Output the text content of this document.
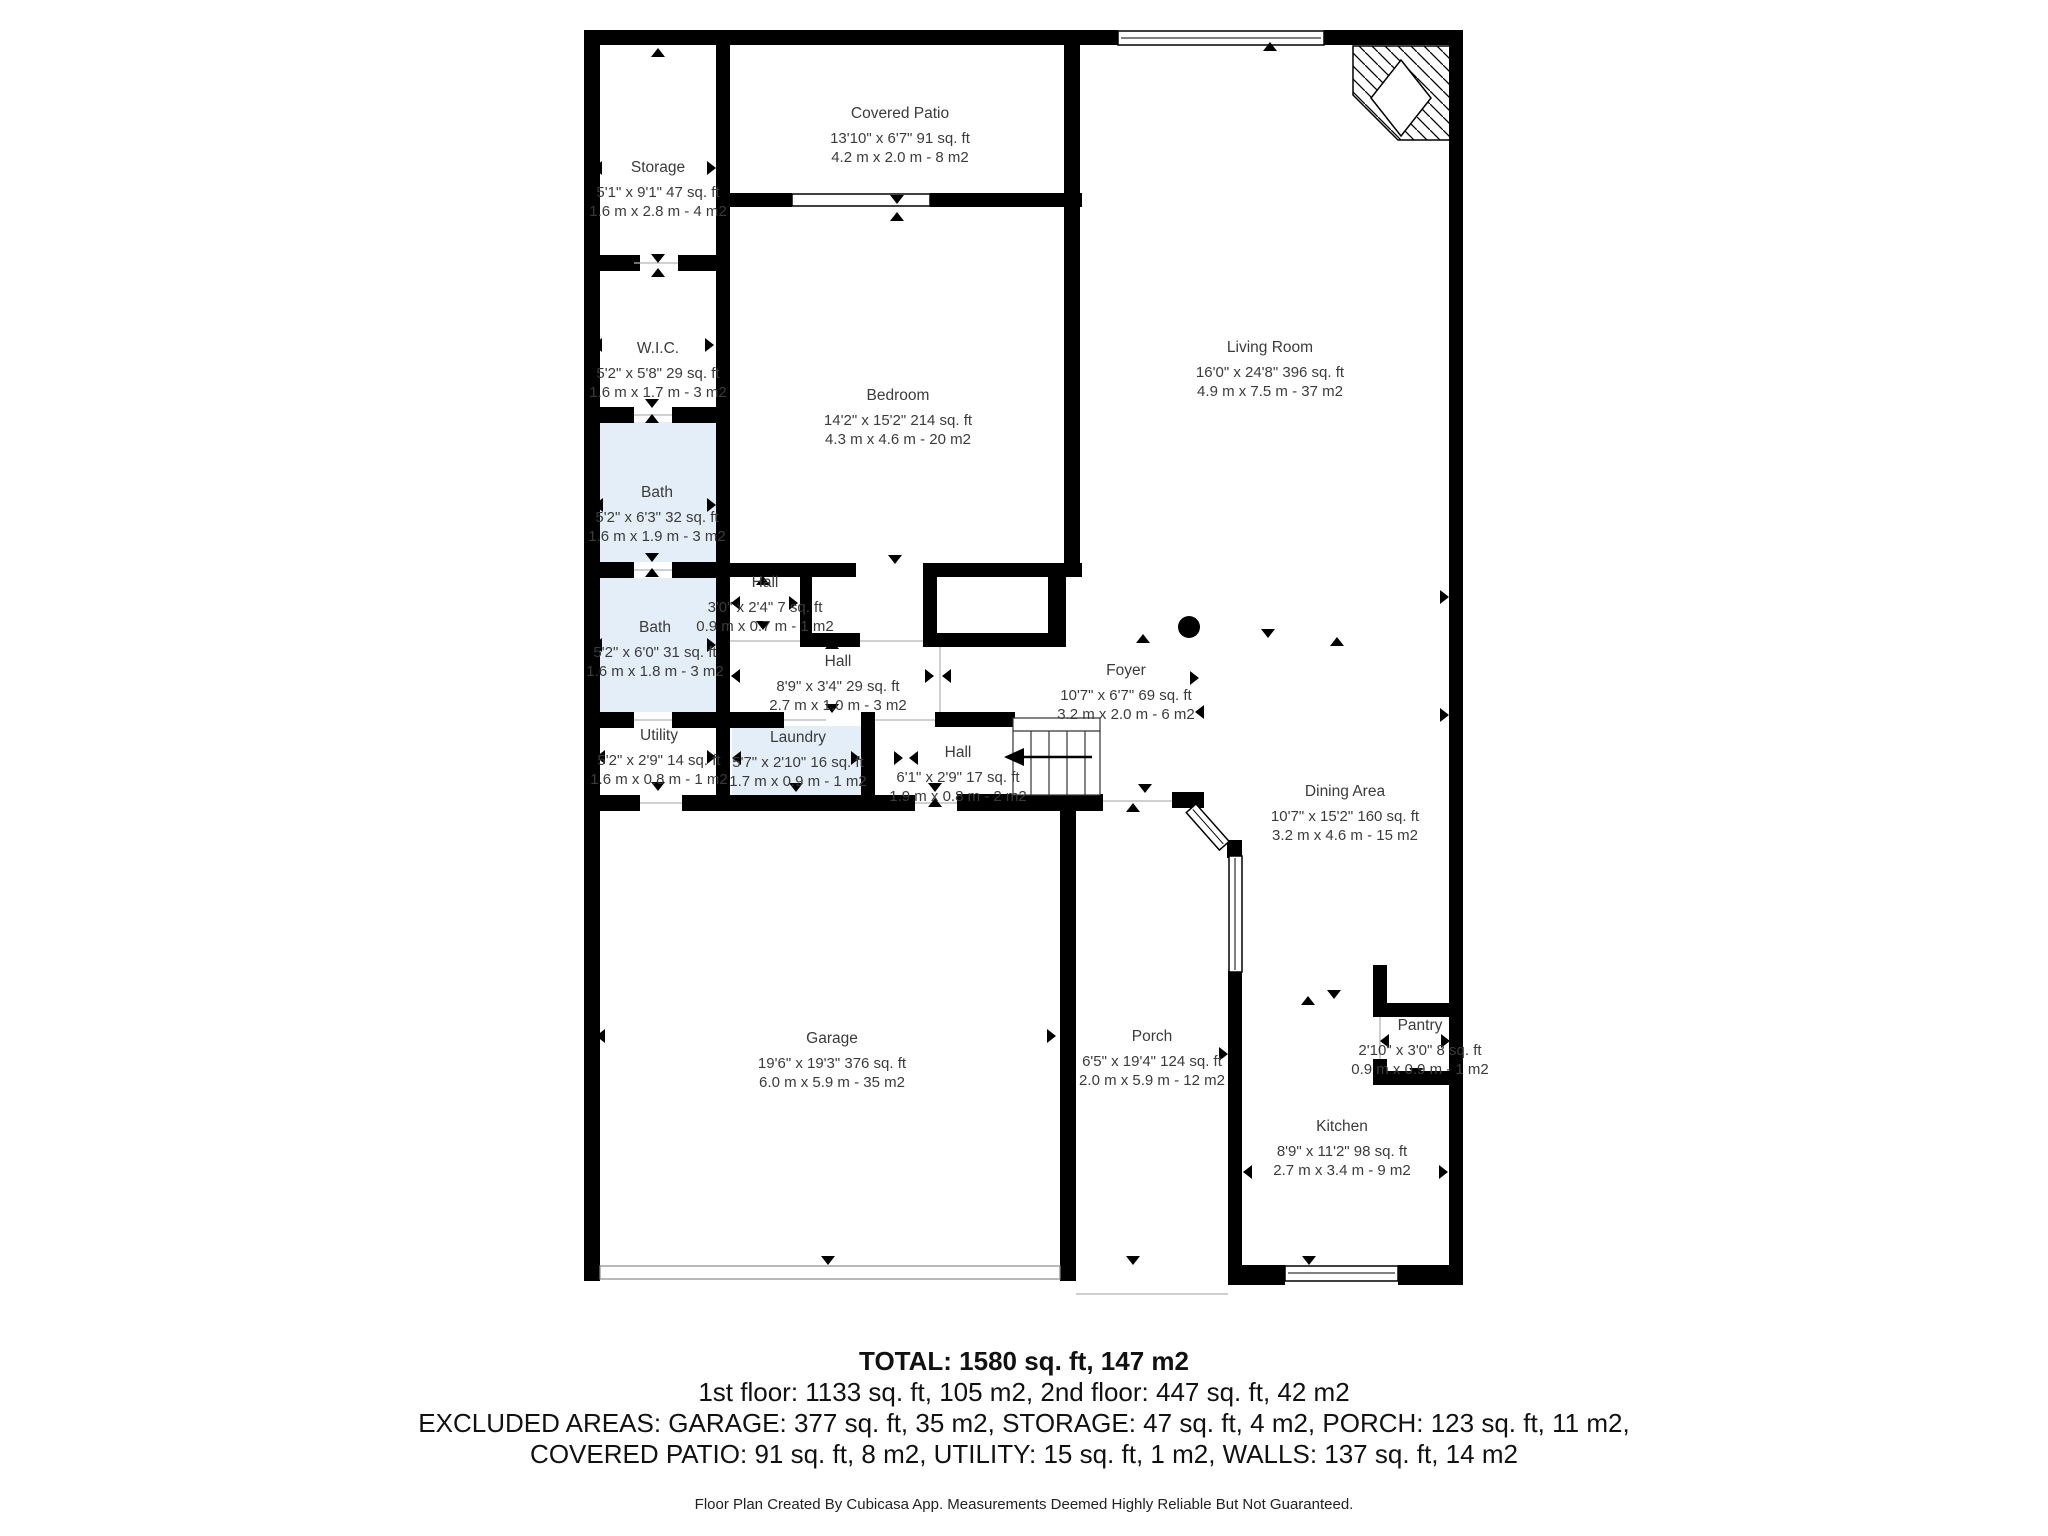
Storage
5'1" x 9'1" 47 sq. ft
1.6 m x 2.8 m - 4 m2
Covered Patio
13'10" x 6'7" 91 sq. ft
4.2 m x 2.0 m - 8 m2
W.I.C.
5'2" x 5'8" 29 sq. ft
1.6 m x 1.7 m - 3 m2
Bath
5'2" x 6'3" 32 sq. ft
1.6 m x 1.9 m - 3 m2
Bath
5'2" x 6'0" 31 sq. ft
1.6 m x 1.8 m - 3 m2
Bedroom
14'2" x 15'2" 214 sq. ft
4.3 m x 4.6 m - 20 m2
Living Room
16'0" x 24'8" 396 sq. ft
4.9 m x 7.5 m - 37 m2
Hall
3'0" x 2'4" 7 sq. ft
0.9 m x 0.7 m - 1 m2
Hall
8'9" x 3'4" 29 sq. ft
2.7 m x 1.0 m - 3 m2
Foyer
10'7" x 6'7" 69 sq. ft
3.2 m x 2.0 m - 6 m2
Utility
5'2" x 2'9" 14 sq. ft
1.6 m x 0.8 m - 1 m2
Laundry
5'7" x 2'10" 16 sq. ft
1.7 m x 0.9 m - 1 m2
Hall
6'1" x 2'9" 17 sq. ft
1.9 m x 0.8 m - 2 m2	Dining Area
10'7" x 15'2" 160 sq. ft
3.2 m x 4.6 m - 15 m2
Garage
19'6" x 19'3" 376 sq. ft
6.0 m x 5.9 m - 35 m2
Porch
6'5" x 19'4" 124 sq. ft
2.0 m x 5.9 m - 12 m2
Pantry
2'10" x 3'0" 8 sq. ft
0.9 m x 0.9 m - 1 m2
Kitchen
8'9" x 11'2" 98 sq. ft
2.7 m x 3.4 m - 9 m2
TOTAL: 1580 sq. ft, 147 m2
1st floor: 1133 sq. ft, 105 m2, 2nd floor: 447 sq. ft, 42 m2
EXCLUDED AREAS: GARAGE: 377 sq. ft, 35 m2, STORAGE: 47 sq. ft, 4 m2, PORCH: 123 sq. ft, 11 m2,
COVERED PATIO: 91 sq. ft, 8 m2, UTILITY: 15 sq. ft, 1 m2, WALLS: 137 sq. ft, 14 m2
Floor Plan Created By Cubicasa App. Measurements Deemed Highly Reliable But Not Guaranteed.
